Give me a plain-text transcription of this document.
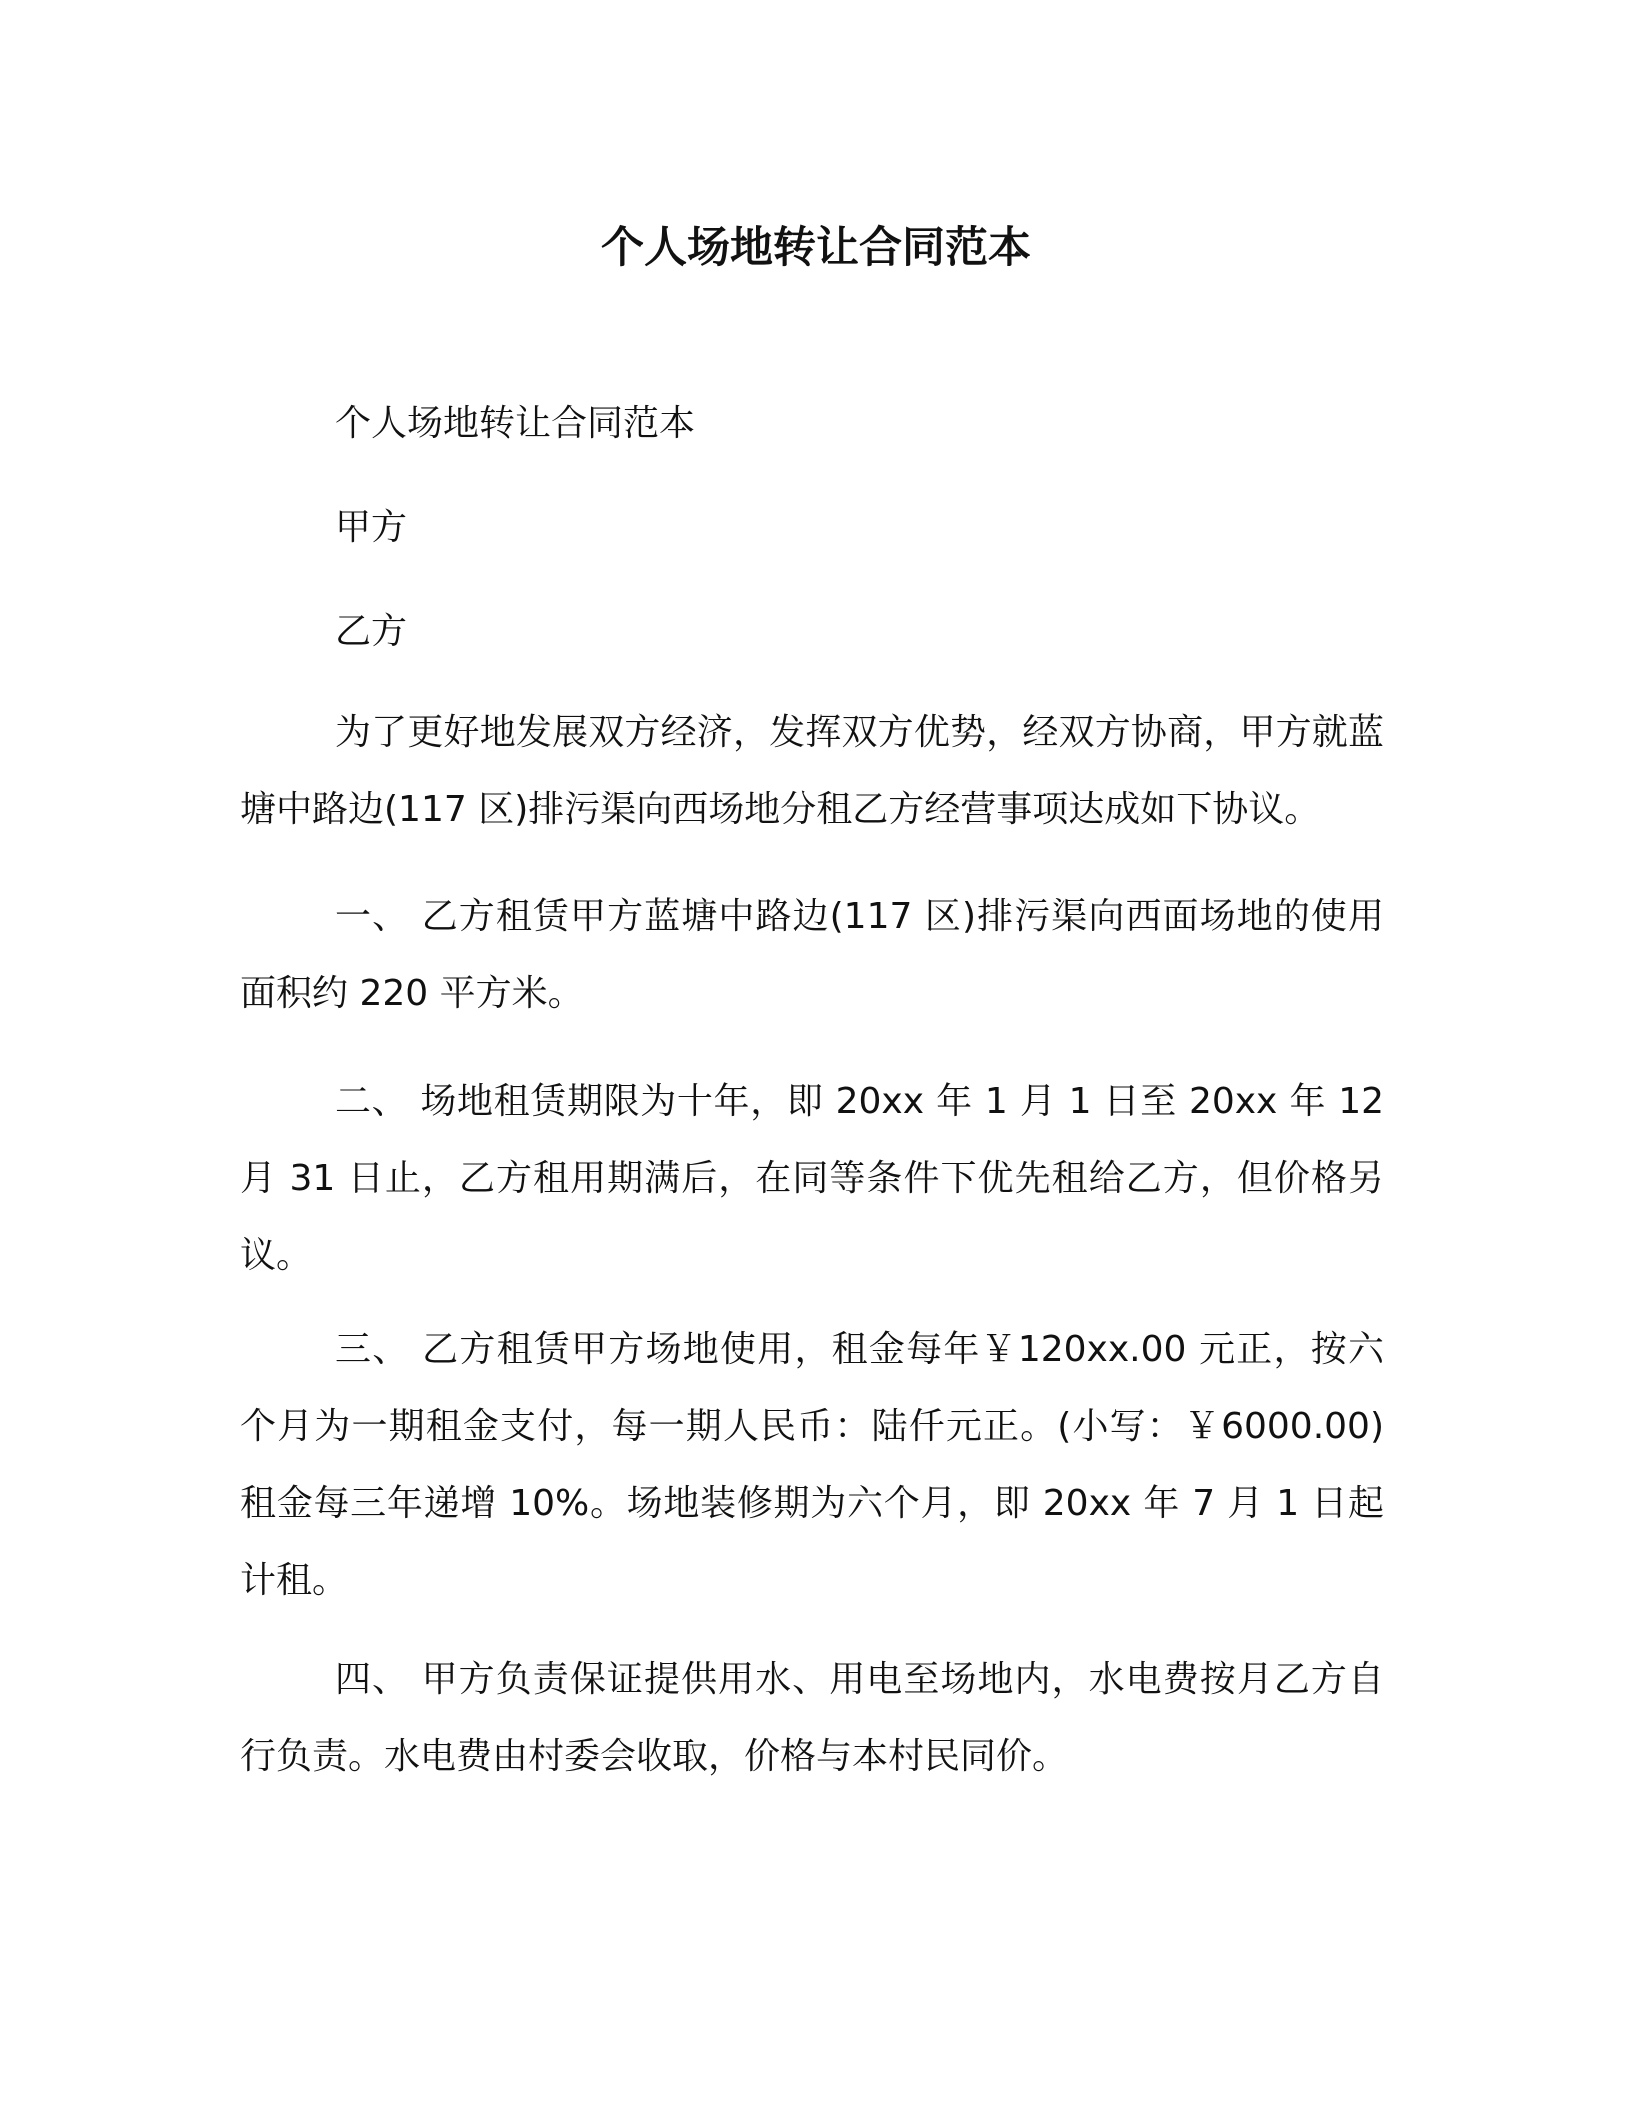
个人场地转让合同范本

个人场地转让合同范本

甲方

乙方

为了更好地发展双方经济，发挥双方优势，经双方协商，甲方就蓝塘中路边(117 区)排污渠向西场地分租乙方经营事项达成如下协议。

一、 乙方租赁甲方蓝塘中路边(117 区)排污渠向西面场地的使用面积约 220 平方米。

二、 场地租赁期限为十年，即 20xx 年 1 月 1 日至 20xx 年 12 月 31 日止，乙方租用期满后，在同等条件下优先租给乙方，但价格另议。

三、 乙方租赁甲方场地使用，租金每年￥120xx.00 元正，按六个月为一期租金支付，每一期人民币：陆仟元正。(小写：￥6000.00)租金每三年递增 10%。场地装修期为六个月，即 20xx 年 7 月 1 日起计租。

四、 甲方负责保证提供用水、用电至场地内，水电费按月乙方自行负责。水电费由村委会收取，价格与本村民同价。
